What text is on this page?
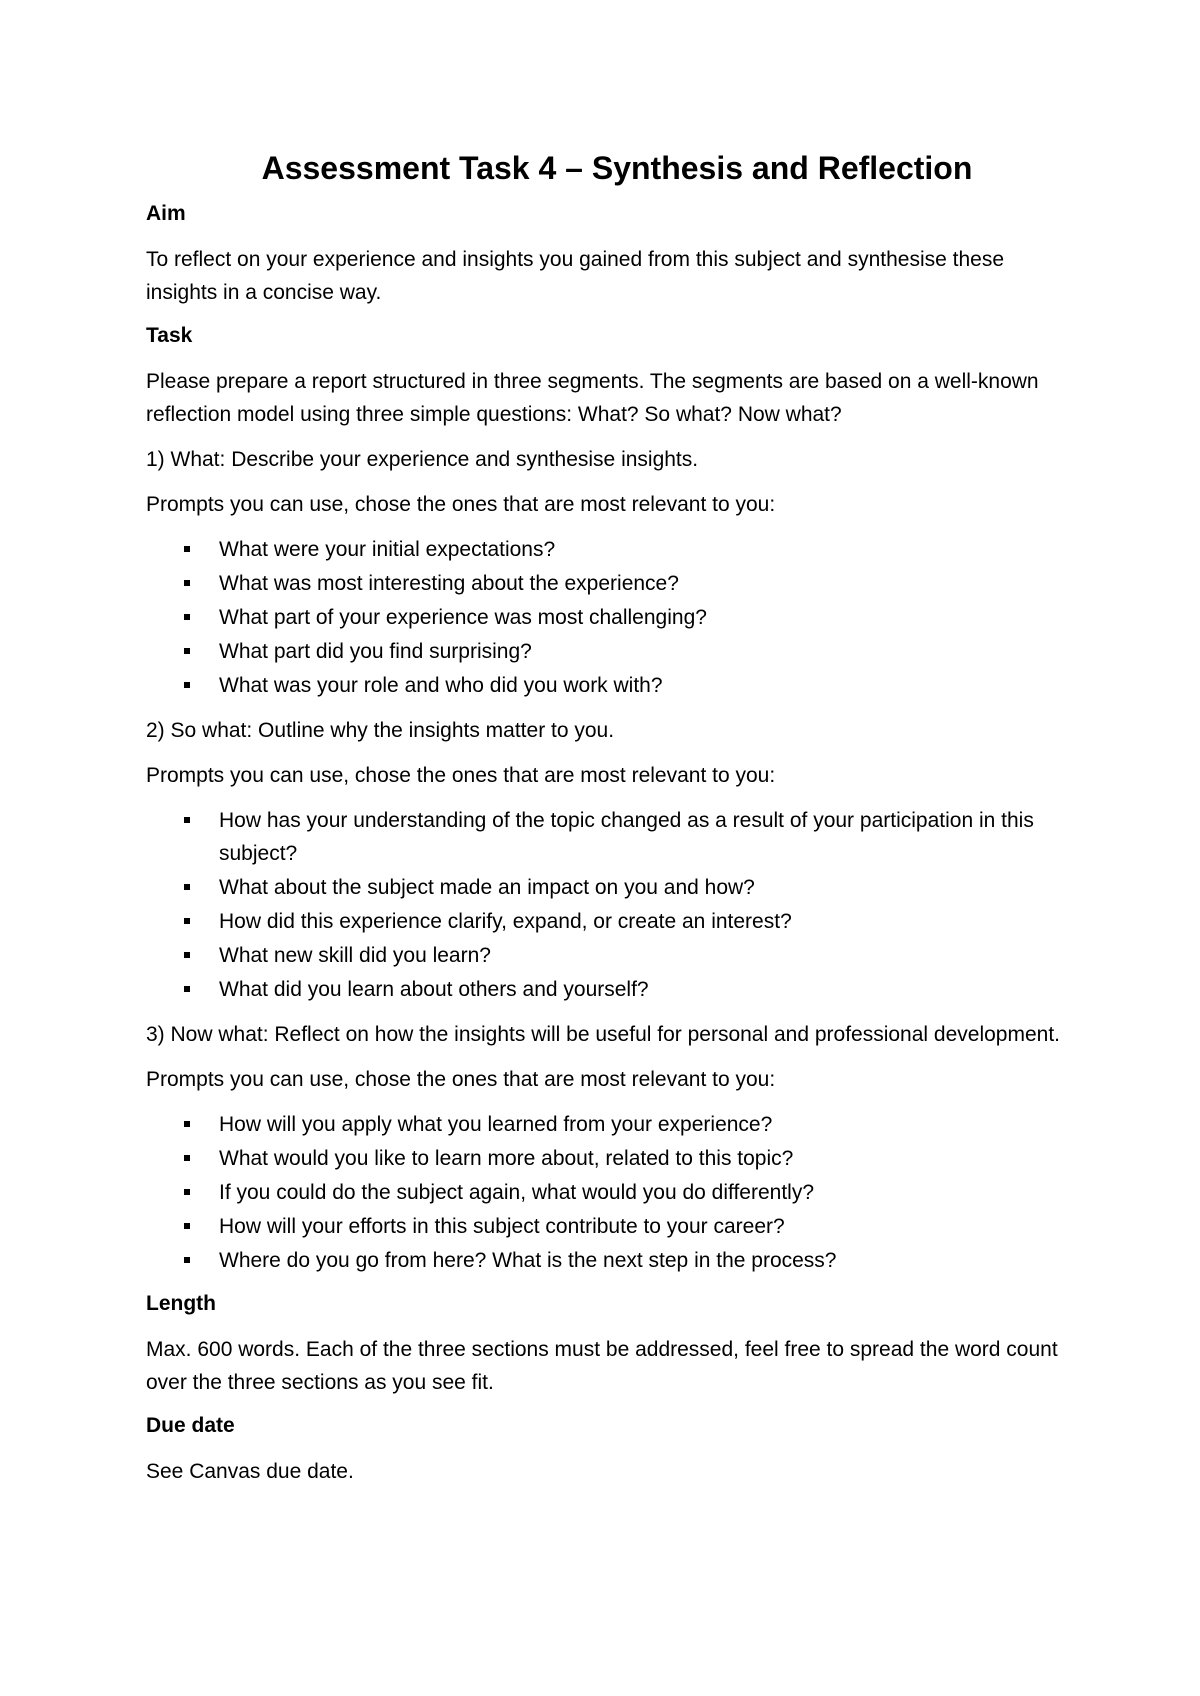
Assessment Task 4 – Synthesis and Reflection
Aim

To reflect on your experience and insights you gained from this subject and synthesise these insights in a concise way.

Task

Please prepare a report structured in three segments. The segments are based on a well-known reflection model using three simple questions: What? So what? Now what?

1) What: Describe your experience and synthesise insights.

Prompts you can use, chose the ones that are most relevant to you:

What were your initial expectations?
What was most interesting about the experience?
What part of your experience was most challenging?
What part did you find surprising?
What was your role and who did you work with?

2) So what: Outline why the insights matter to you.

Prompts you can use, chose the ones that are most relevant to you:

How has your understanding of the topic changed as a result of your participation in this subject?
What about the subject made an impact on you and how?
How did this experience clarify, expand, or create an interest?
What new skill did you learn?
What did you learn about others and yourself?

3) Now what: Reflect on how the insights will be useful for personal and professional development.

Prompts you can use, chose the ones that are most relevant to you:

How will you apply what you learned from your experience?
What would you like to learn more about, related to this topic?
If you could do the subject again, what would you do differently?
How will your efforts in this subject contribute to your career?
Where do you go from here? What is the next step in the process?
Length

Max. 600 words. Each of the three sections must be addressed, feel free to spread the word count over the three sections as you see fit.

Due date

See Canvas due date.
